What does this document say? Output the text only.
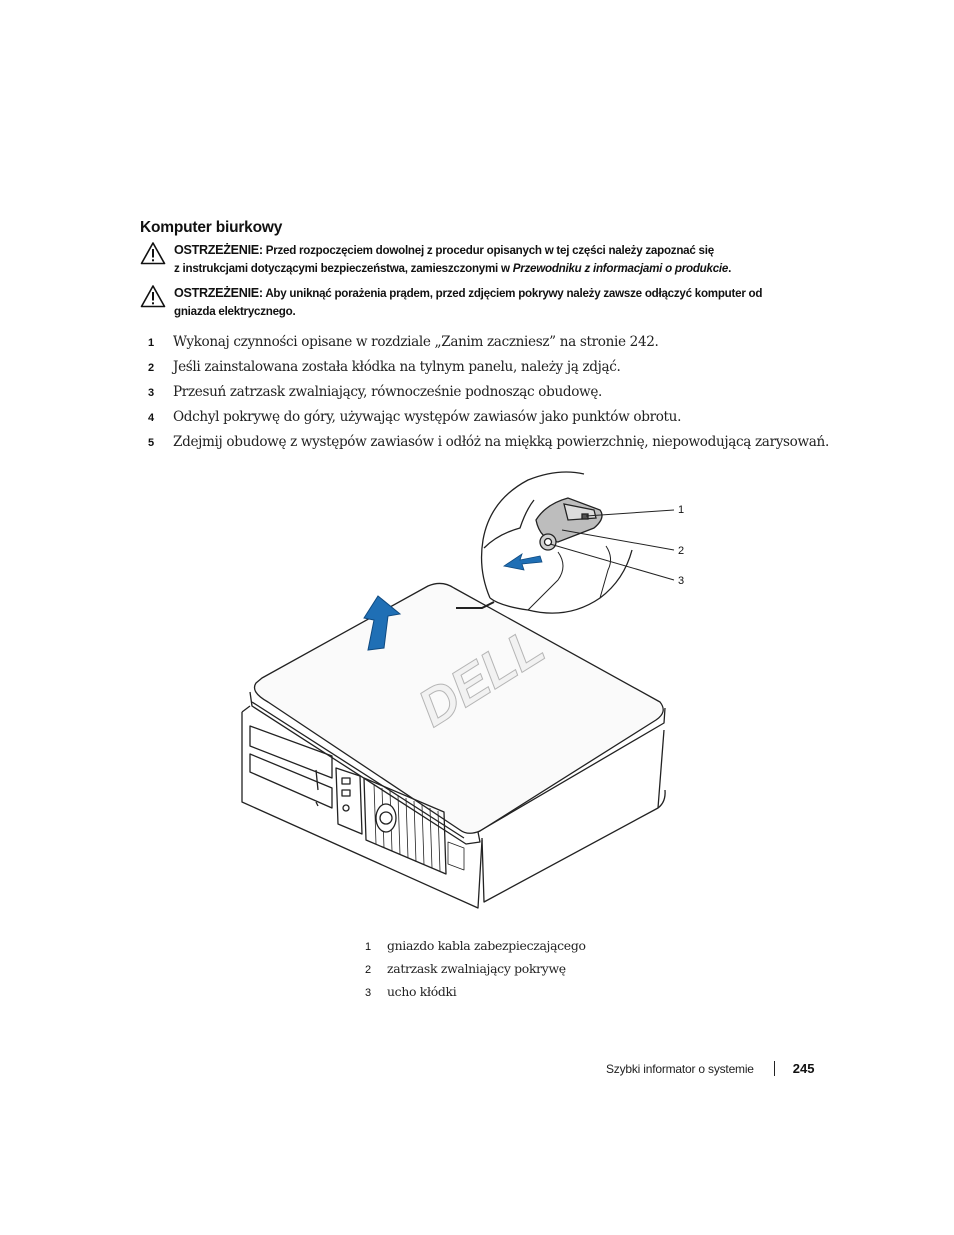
Komputer biurkowy
OSTRZEŻENIE: Przed rozpoczęciem dowolnej z procedur opisanych w tej części należy zapoznać się
z instrukcjami dotyczącymi bezpieczeństwa, zamieszczonymi w Przewodniku z informacjami o produkcie.
OSTRZEŻENIE: Aby uniknąć porażenia prądem, przed zdjęciem pokrywy należy zawsze odłączyć komputer od
gniazda elektrycznego.
1	Wykonaj czynności opisane w rozdziale „Zanim zaczniesz” na stronie 242.
2	Jeśli zainstalowana została kłódka na tylnym panelu, należy ją zdjąć.
3	Przesuń zatrzask zwalniający, równocześnie podnosząc obudowę.
4	Odchyl pokrywę do góry, używając występów zawiasów jako punktów obrotu.
5	Zdejmij obudowę z występów zawiasów i odłóż na miękką powierzchnię, niepowodującą zarysowań.
DELL
1
2
3
1	gniazdo kabla zabezpieczającego
2	zatrzask zwalniający pokrywę
3	ucho kłódki
Szybki informator o systemie	245
